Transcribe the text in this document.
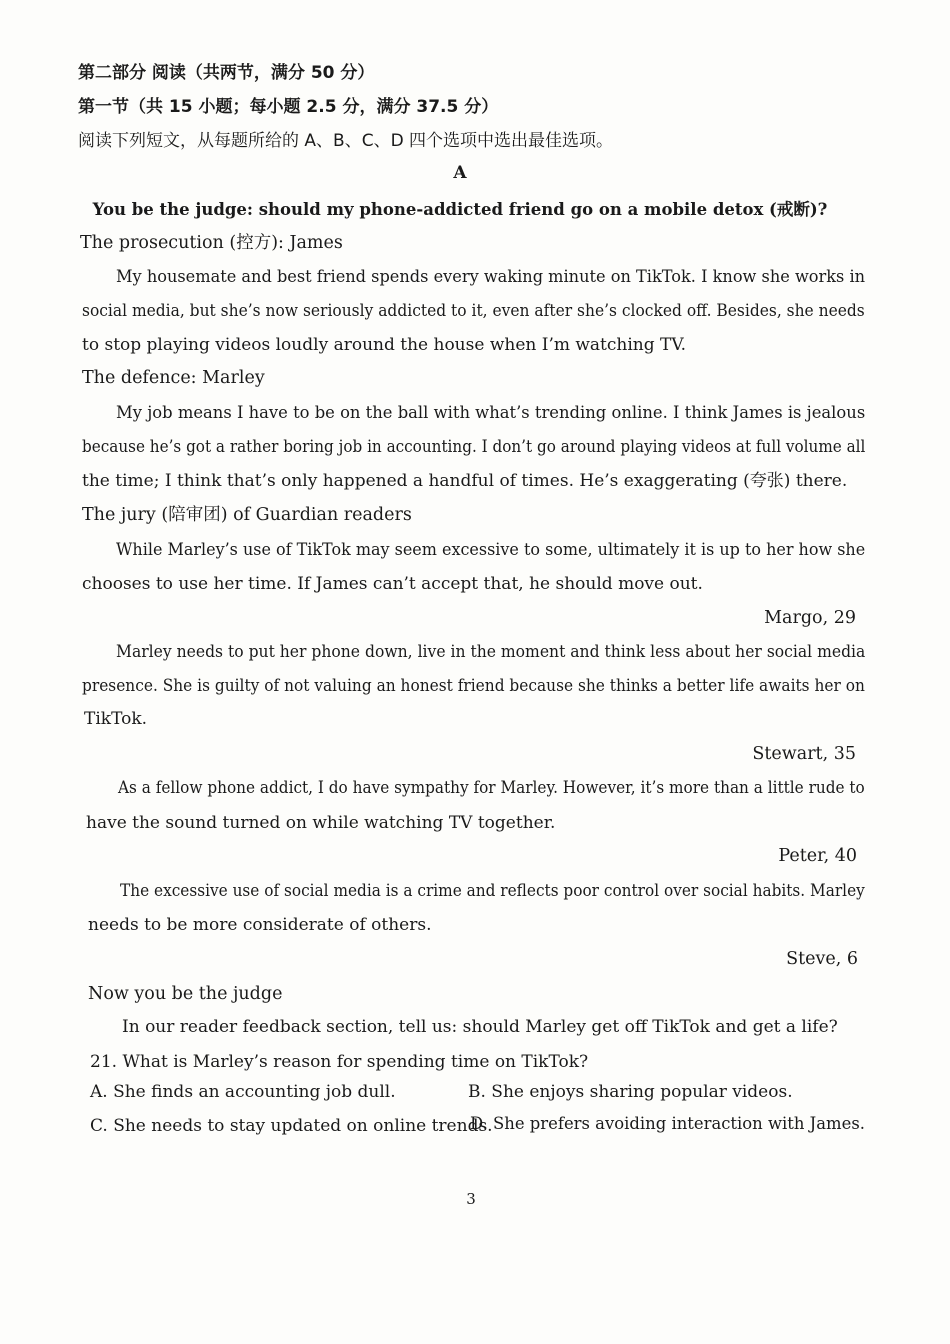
第二部分 阅读（共两节，满分 50 分）
第一节（共 15 小题；每小题 2.5 分，满分 37.5 分）
阅读下列短文，从每题所给的 A、B、C、D 四个选项中选出最佳选项。
A
You be the judge: should my phone-addicted friend go on a mobile detox (戒断)?
The prosecution (控方): James
My housemate and best friend spends every waking minute on TikTok. I know she works in
social media, but she’s now seriously addicted to it, even after she’s clocked off. Besides, she needs
to stop playing videos loudly around the house when I’m watching TV.
The defence: Marley
My job means I have to be on the ball with what’s trending online. I think James is jealous
because he’s got a rather boring job in accounting. I don’t go around playing videos at full volume all
the time; I think that’s only happened a handful of times. He’s exaggerating (夸张) there.
The jury (陪审团) of Guardian readers
While Marley’s use of TikTok may seem excessive to some, ultimately it is up to her how she
chooses to use her time. If James can’t accept that, he should move out.
Margo, 29
Marley needs to put her phone down, live in the moment and think less about her social media
presence. She is guilty of not valuing an honest friend because she thinks a better life awaits her on
TikTok.
Stewart, 35
As a fellow phone addict, I do have sympathy for Marley. However, it’s more than a little rude to
have the sound turned on while watching TV together.
Peter, 40
The excessive use of social media is a crime and reflects poor control over social habits. Marley
needs to be more considerate of others.
Steve, 6
Now you be the judge
In our reader feedback section, tell us: should Marley get off TikTok and get a life?
21. What is Marley’s reason for spending time on TikTok?
A. She finds an accounting job dull.	B. She enjoys sharing popular videos.
C. She needs to stay updated on online trends.
D. She prefers avoiding interaction with James.
3
